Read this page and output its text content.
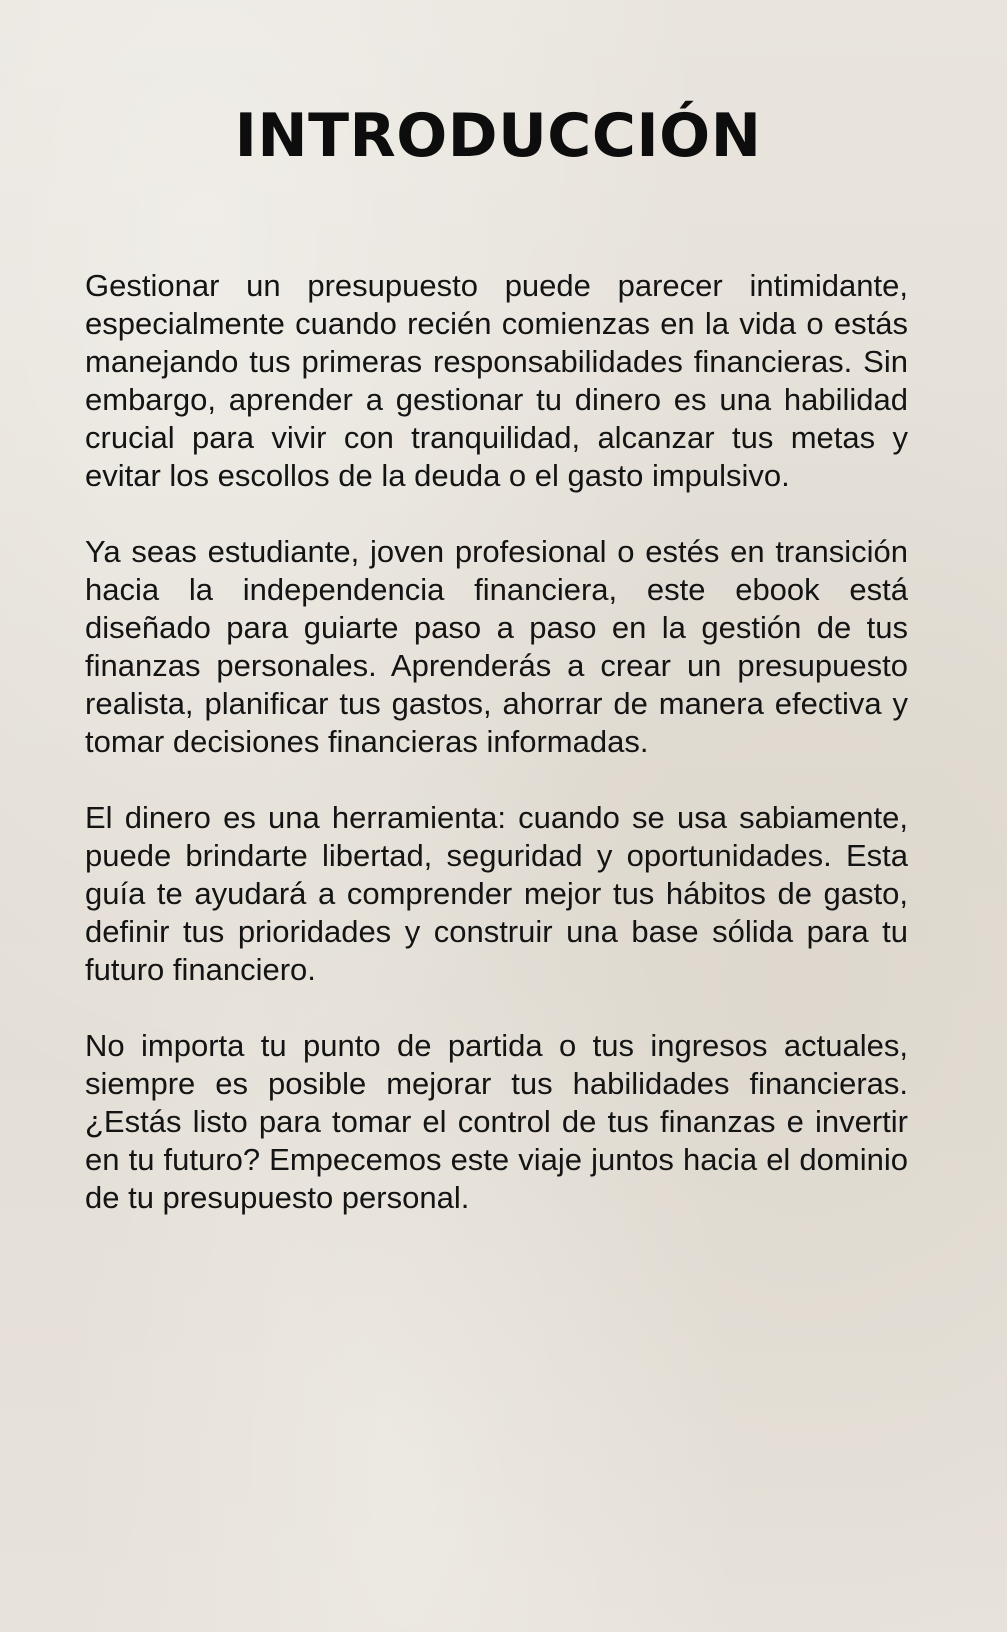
INTRODUCCIÓN

Gestionar un presupuesto puede parecer intimidante, especialmente cuando recién comienzas en la vida o estás manejando tus primeras responsabilidades financieras. Sin embargo, aprender a gestionar tu dinero es una habilidad crucial para vivir con tranquilidad, alcanzar tus metas y evitar los escollos de la deuda o el gasto impulsivo.

Ya seas estudiante, joven profesional o estés en transición hacia la independencia financiera, este ebook está diseñado para guiarte paso a paso en la gestión de tus finanzas personales. Aprenderás a crear un presupuesto realista, planificar tus gastos, ahorrar de manera efectiva y tomar decisiones financieras informadas.

El dinero es una herramienta: cuando se usa sabiamente, puede brindarte libertad, seguridad y oportunidades. Esta guía te ayudará a comprender mejor tus hábitos de gasto, definir tus prioridades y construir una base sólida para tu futuro financiero.

No importa tu punto de partida o tus ingresos actuales, siempre es posible mejorar tus habilidades financieras. ¿Estás listo para tomar el control de tus finanzas e invertir en tu futuro? Empecemos este viaje juntos hacia el dominio de tu presupuesto personal.
